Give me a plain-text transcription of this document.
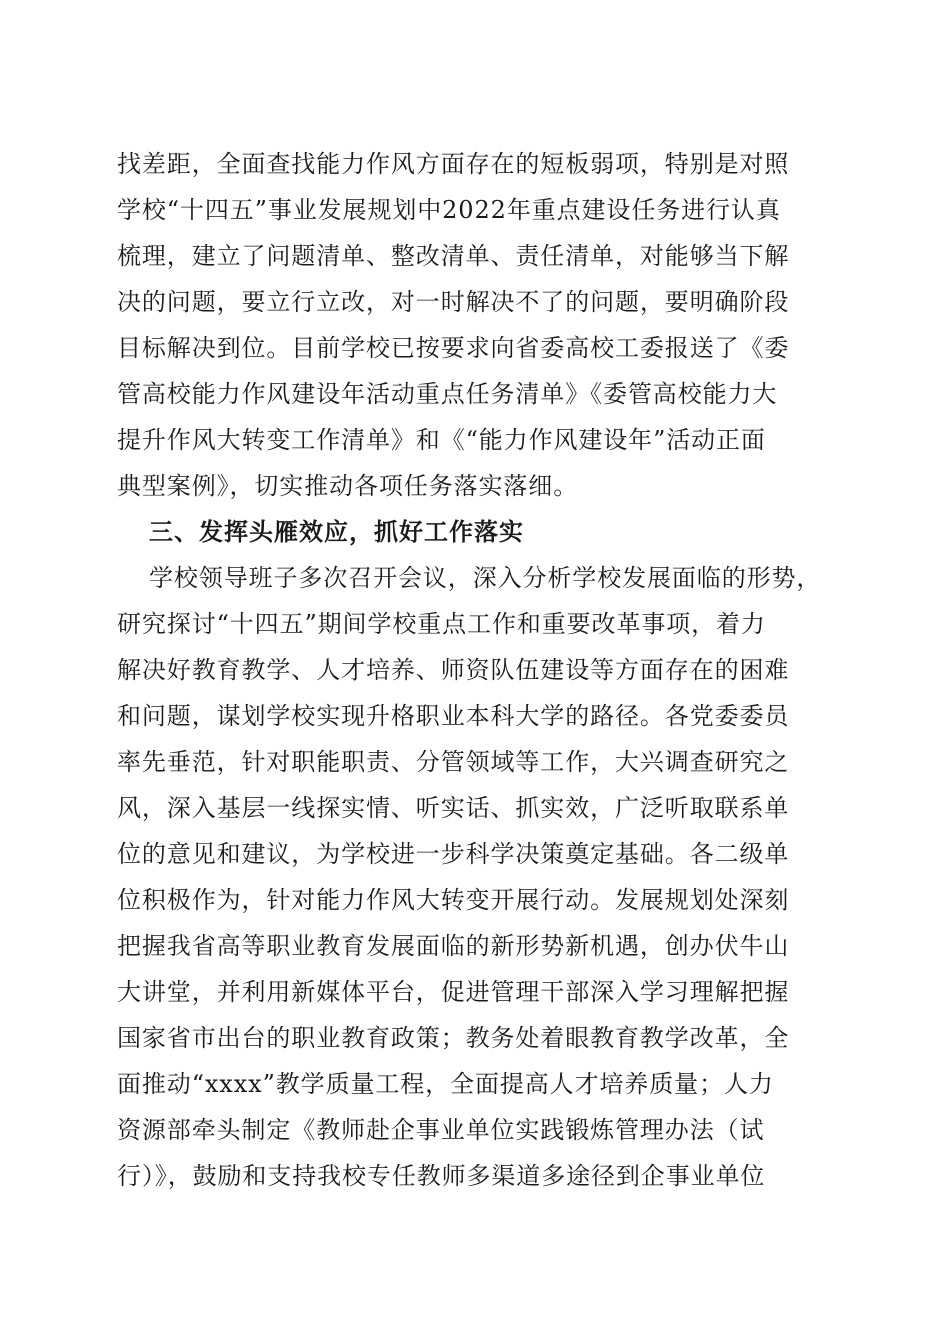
找差距，全面查找能力作风方面存在的短板弱项，特别是对照
学校“十四五”事业发展规划中2022年重点建设任务进行认真
梳理，建立了问题清单、整改清单、责任清单，对能够当下解
决的问题，要立行立改，对一时解决不了的问题，要明确阶段
目标解决到位。目前学校已按要求向省委高校工委报送了《委
管高校能力作风建设年活动重点任务清单》《委管高校能力大
提升作风大转变工作清单》和《“能力作风建设年”活动正面
典型案例》，切实推动各项任务落实落细。
三、发挥头雁效应，抓好工作落实
学校领导班子多次召开会议，深入分析学校发展面临的形势，
研究探讨“十四五”期间学校重点工作和重要改革事项，着力
解决好教育教学、人才培养、师资队伍建设等方面存在的困难
和问题，谋划学校实现升格职业本科大学的路径。各党委委员
率先垂范，针对职能职责、分管领域等工作，大兴调查研究之
风，深入基层一线探实情、听实话、抓实效，广泛听取联系单
位的意见和建议，为学校进一步科学决策奠定基础。各二级单
位积极作为，针对能力作风大转变开展行动。发展规划处深刻
把握我省高等职业教育发展面临的新形势新机遇，创办伏牛山
大讲堂，并利用新媒体平台，促进管理干部深入学习理解把握
国家省市出台的职业教育政策；教务处着眼教育教学改革，全
面推动“xxxx”教学质量工程，全面提高人才培养质量；人力
资源部牵头制定《教师赴企事业单位实践锻炼管理办法（试
行）》，鼓励和支持我校专任教师多渠道多途径到企事业单位
